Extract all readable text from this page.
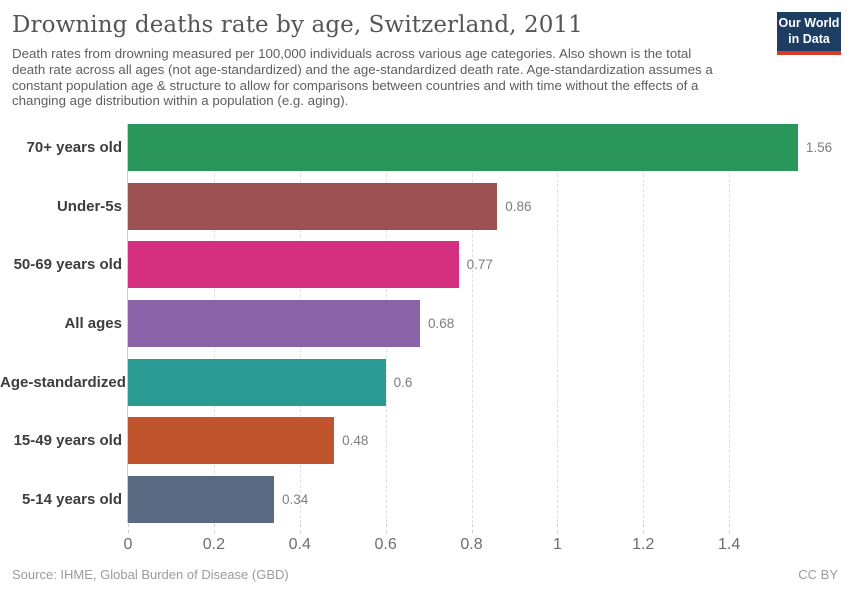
Drowning deaths rate by age, Switzerland, 2011	Our World
in Data

Death rates from drowning measured per 100,000 individuals across various age categories. Also shown is the total death rate across all ages (not age-standardized) and the age-standardized death rate. Age-standardization assumes a constant population age & structure to allow for comparisons between countries and with time without the effects of a changing age distribution within a population (e.g. aging).

70+ years old
Under-5s
50-69 years old
All ages
Age-standardized
15-49 years old
5-14 years old
1.56
0.86
0.77
0.68
0.6
0.48
0.34
0	0.2	0.4	0.6	0.8	1	1.2	1.4
Source: IHME, Global Burden of Disease (GBD)	CC BY
